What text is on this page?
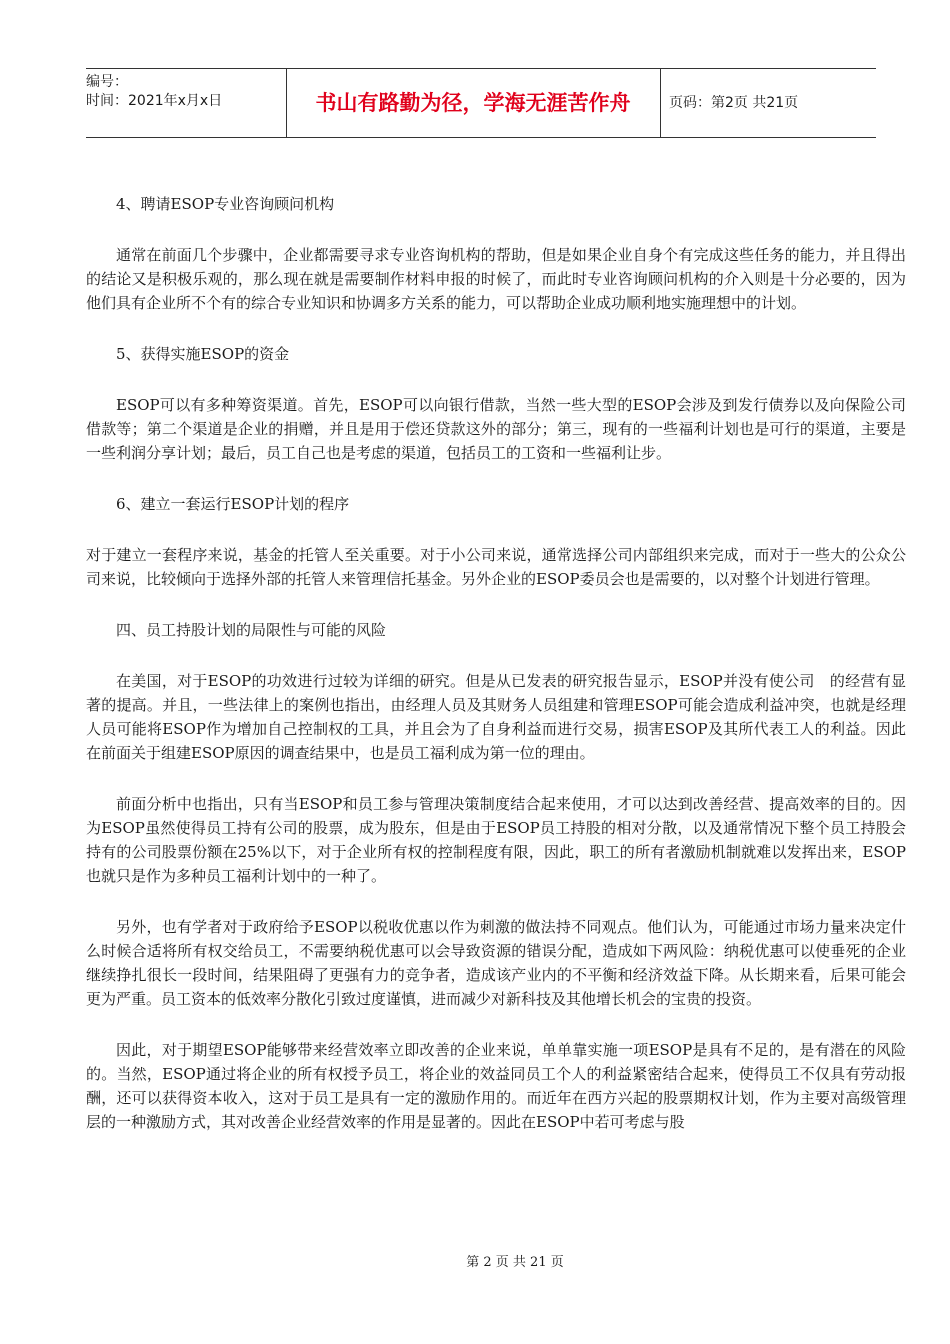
编号：
时间：2021年x月x日	书山有路勤为径，学海无涯苦作舟	页码：第2页 共21页

4、聘请ESOP专业咨询顾问机构

通常在前面几个步骤中，企业都需要寻求专业咨询机构的帮助，但是如果企业自身个有完成这些任务的能力，并且得出的结论又是积极乐观的，那么现在就是需要制作材料申报的时候了，而此时专业咨询顾问机构的介入则是十分必要的，因为他们具有企业所不个有的综合专业知识和协调多方关系的能力，可以帮助企业成功顺利地实施理想中的计划。

5、获得实施ESOP的资金

ESOP可以有多种筹资渠道。首先，ESOP可以向银行借款，当然一些大型的ESOP会涉及到发行债券以及向保险公司借款等；第二个渠道是企业的捐赠，并且是用于偿还贷款这外的部分；第三，现有的一些福利计划也是可行的渠道，主要是一些利润分享计划；最后，员工自己也是考虑的渠道，包括员工的工资和一些福利让步。

6、建立一套运行ESOP计划的程序

对于建立一套程序来说，基金的托管人至关重要。对于小公司来说，通常选择公司内部组织来完成，而对于一些大的公众公司来说，比较倾向于选择外部的托管人来管理信托基金。另外企业的ESOP委员会也是需要的，以对整个计划进行管理。

四、员工持股计划的局限性与可能的风险

在美国，对于ESOP的功效进行过较为详细的研究。但是从已发表的研究报告显示，ESOP并没有使公司　的经营有显著的提高。并且，一些法律上的案例也指出，由经理人员及其财务人员组建和管理ESOP可能会造成利益冲突，也就是经理人员可能将ESOP作为增加自己控制权的工具，并且会为了自身利益而进行交易，损害ESOP及其所代表工人的利益。因此在前面关于组建ESOP原因的调查结果中，也是员工福利成为第一位的理由。

前面分析中也指出，只有当ESOP和员工参与管理决策制度结合起来使用，才可以达到改善经营、提高效率的目的。因为ESOP虽然使得员工持有公司的股票，成为股东，但是由于ESOP员工持股的相对分散，以及通常情况下整个员工持股会持有的公司股票份额在25%以下，对于企业所有权的控制程度有限，因此，职工的所有者激励机制就难以发挥出来，ESOP也就只是作为多种员工福利计划中的一种了。

另外，也有学者对于政府给予ESOP以税收优惠以作为刺激的做法持不同观点。他们认为，可能通过市场力量来决定什么时候合适将所有权交给员工，不需要纳税优惠可以会导致资源的错误分配，造成如下两风险：纳税优惠可以使垂死的企业继续挣扎很长一段时间，结果阻碍了更强有力的竞争者，造成该产业内的不平衡和经济效益下降。从长期来看，后果可能会更为严重。员工资本的低效率分散化引致过度谨慎，进而减少对新科技及其他增长机会的宝贵的投资。

因此，对于期望ESOP能够带来经营效率立即改善的企业来说，单单靠实施一项ESOP是具有不足的，是有潜在的风险的。当然，ESOP通过将企业的所有权授予员工，将企业的效益同员工个人的利益紧密结合起来，使得员工不仅具有劳动报酬，还可以获得资本收入，这对于员工是具有一定的激励作用的。而近年在西方兴起的股票期权计划，作为主要对高级管理层的一种激励方式，其对改善企业经营效率的作用是显著的。因此在ESOP中若可考虑与股

第 2 页 共 21 页
